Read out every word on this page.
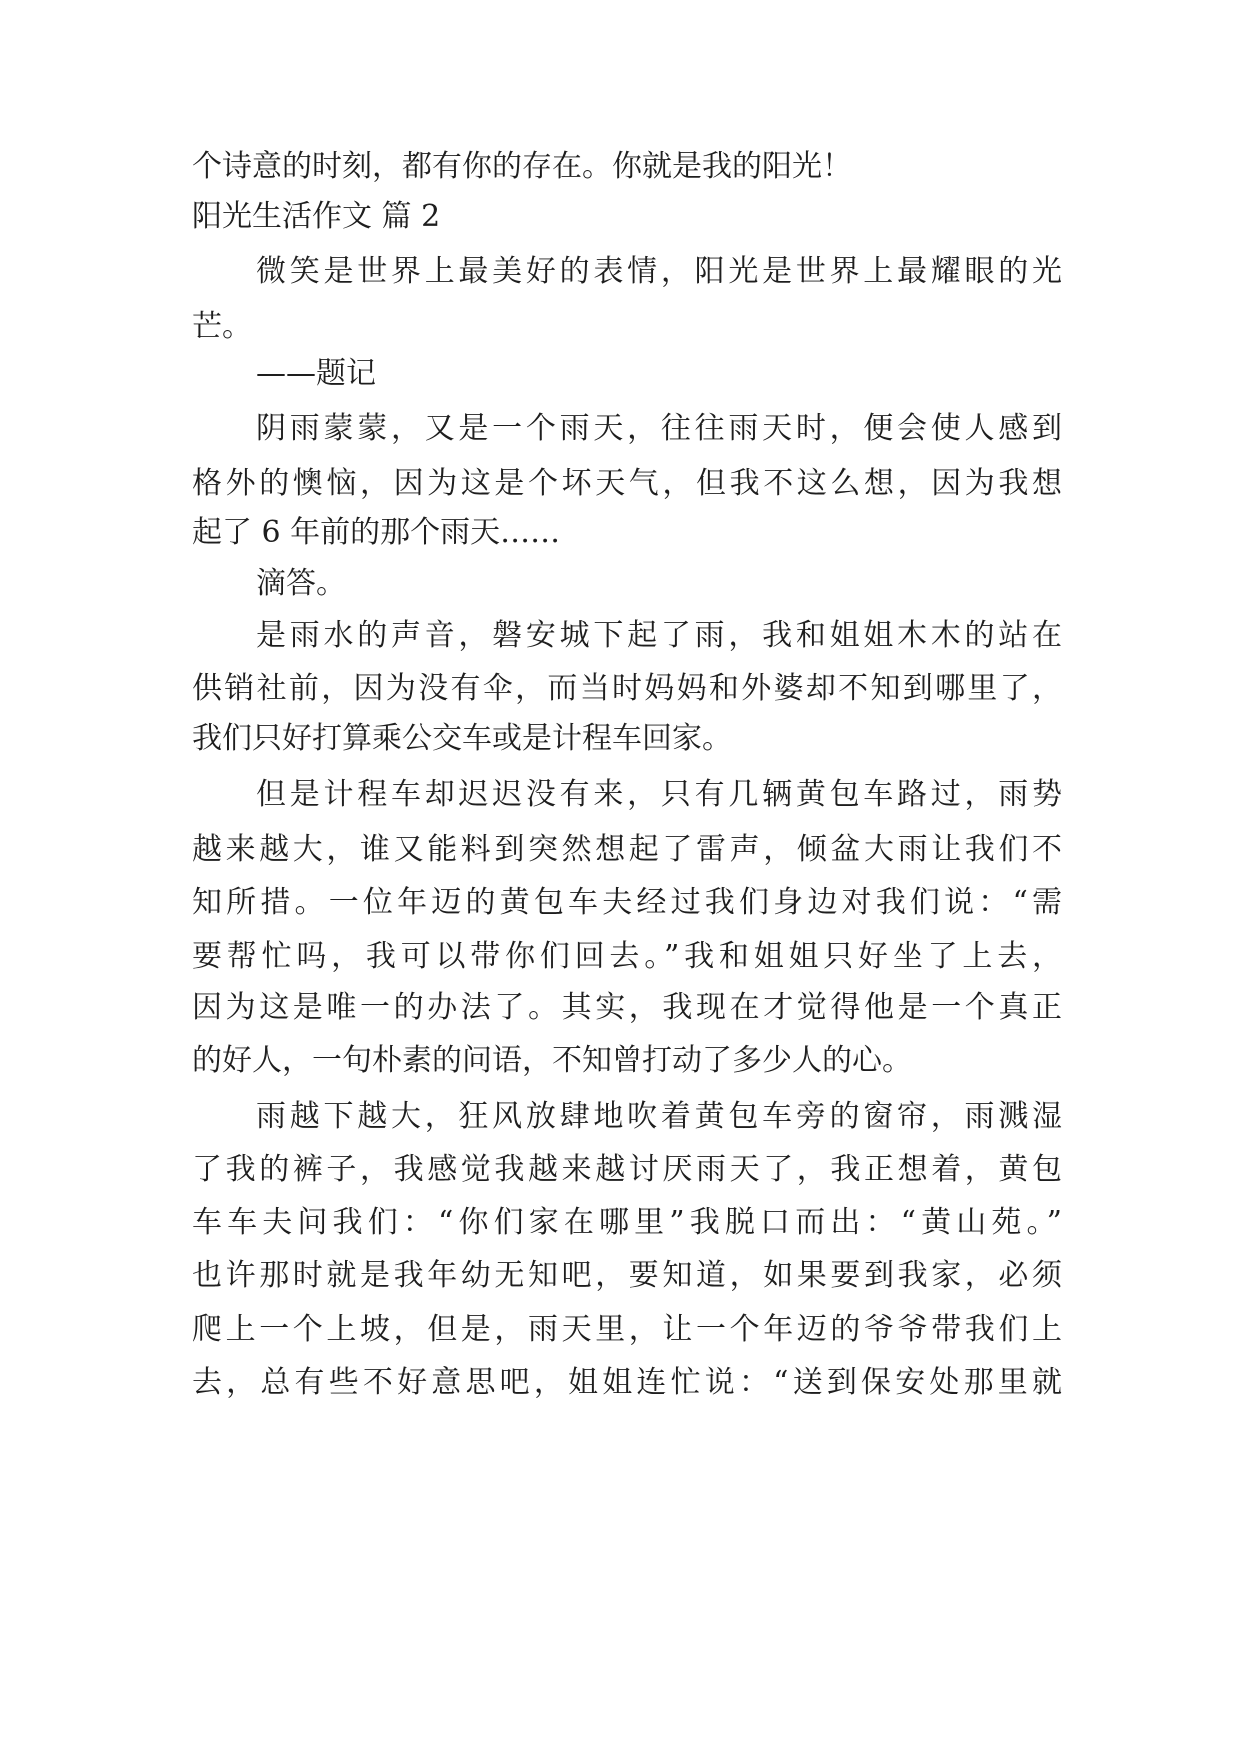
个诗意的时刻，都有你的存在。你就是我的阳光！

阳光生活作文 篇 2

微笑是世界上最美好的表情，阳光是世界上最耀眼的光

芒。

——题记

阴雨蒙蒙，又是一个雨天，往往雨天时，便会使人感到

格外的懊恼，因为这是个坏天气，但我不这么想，因为我想

起了 6 年前的那个雨天……

滴答。

是雨水的声音，磐安城下起了雨，我和姐姐木木的站在

供销社前，因为没有伞，而当时妈妈和外婆却不知到哪里了，

我们只好打算乘公交车或是计程车回家。

但是计程车却迟迟没有来，只有几辆黄包车路过，雨势

越来越大，谁又能料到突然想起了雷声，倾盆大雨让我们不

知所措。一位年迈的黄包车夫经过我们身边对我们说：“需

要帮忙吗，我可以带你们回去。”我和姐姐只好坐了上去，

因为这是唯一的办法了。其实，我现在才觉得他是一个真正

的好人，一句朴素的问语，不知曾打动了多少人的心。

雨越下越大，狂风放肆地吹着黄包车旁的窗帘，雨溅湿

了我的裤子，我感觉我越来越讨厌雨天了，我正想着，黄包

车车夫问我们：“你们家在哪里”我脱口而出：“黄山苑。”

也许那时就是我年幼无知吧，要知道，如果要到我家，必须

爬上一个上坡，但是，雨天里，让一个年迈的爷爷带我们上

去，总有些不好意思吧，姐姐连忙说：“送到保安处那里就
